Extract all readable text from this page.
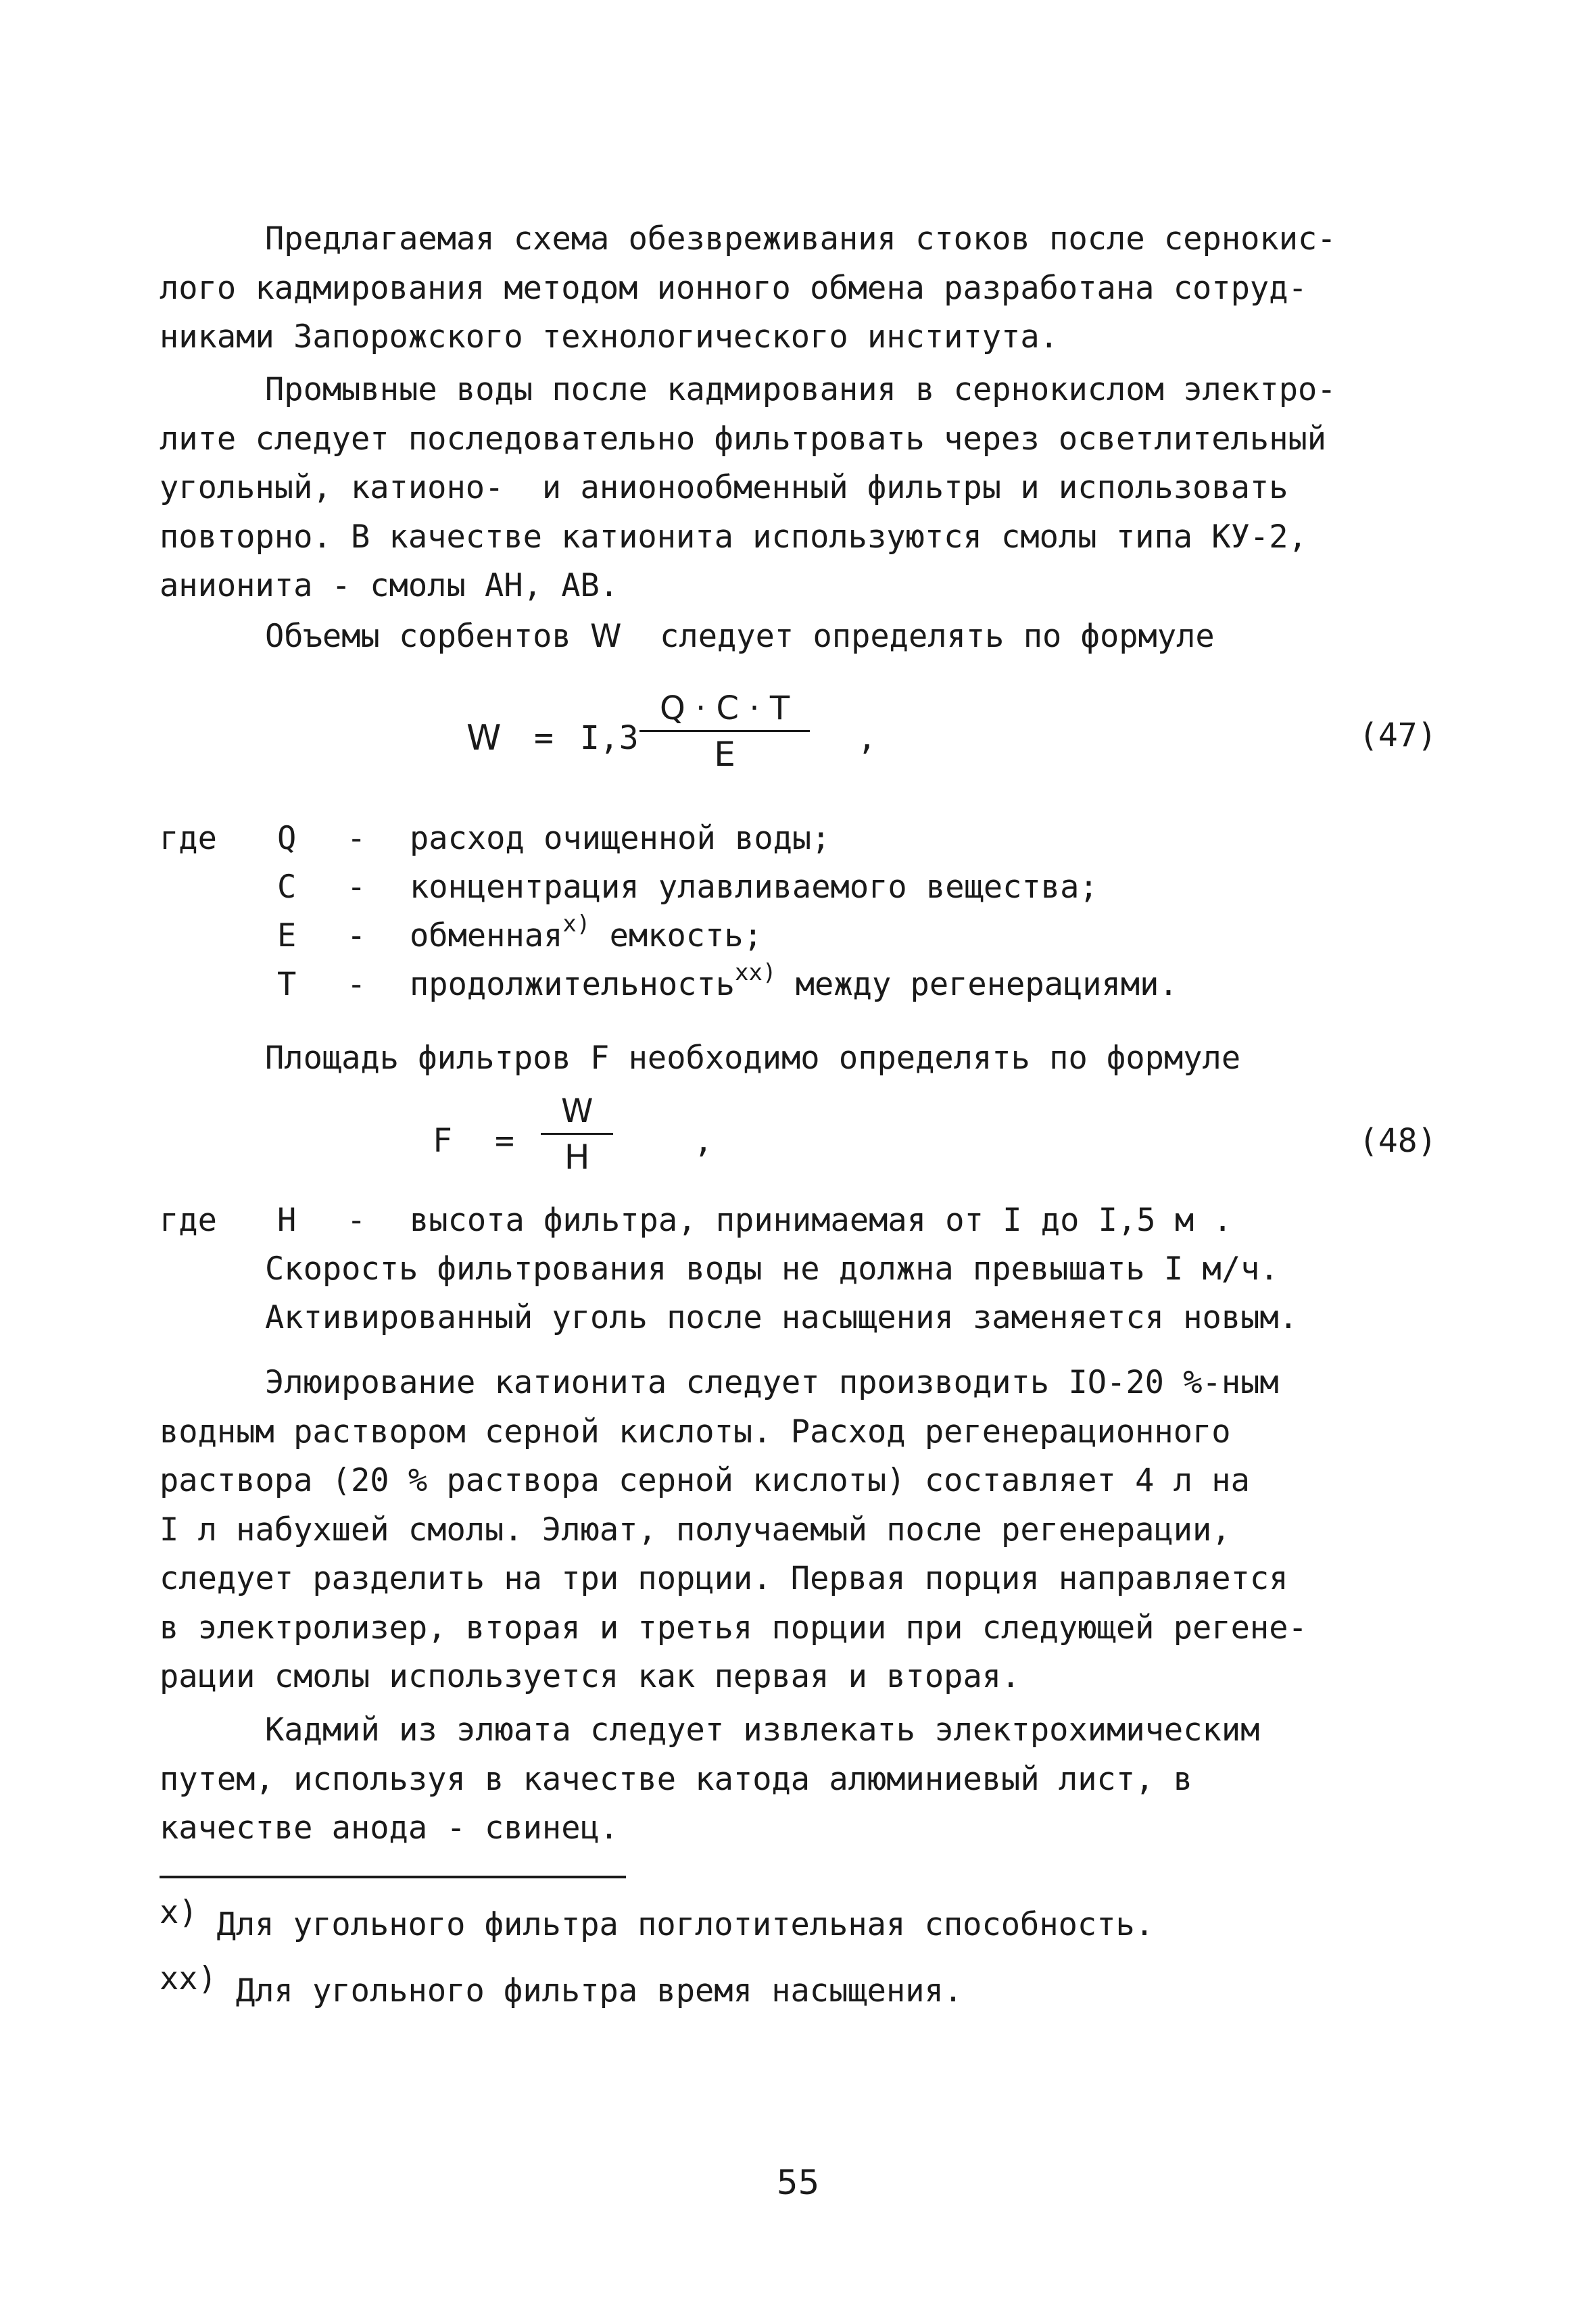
Предлагаемая схема обезвреживания стоков после сернокис-
лого кадмирования методом ионного обмена разработана сотруд-
никами Запорожского технологического института.
Промывные воды после кадмирования в сернокислом электро-
лите следует последовательно фильтровать через осветлительный
угольный, катионо-  и анионообменный фильтры и использовать
повторно. В качестве катионита используются смолы типа КУ-2,
анионита - смолы АН, АВ.
Объемы сорбентов W  следует определять по формуле
$W = I,3 \frac{Q \cdot C \cdot T}{E}$ ,	(47)
где Q - расход очищенной воды;
C - концентрация улавливаемого вещества;
E - обменная$^{x)}$ емкость;
T - продолжительность$^{xx)}$ между регенерациями.
Площадь фильтров F необходимо определять по формуле
$F = \frac{W}{H}$ ,	(48)
где H - высота фильтра, принимаемая от I до I,5 м .
Скорость фильтрования воды не должна превышать I м/ч.
Активированный уголь после насыщения заменяется новым.
Элюирование катионита следует производить IO-20 %-ным
водным раствором серной кислоты. Расход регенерационного
раствора (20 % раствора серной кислоты) составляет 4 л на
I л набухшей смолы. Элюат, получаемый после регенерации,
следует разделить на три порции. Первая порция направляется
в электролизер, вторая и третья порции при следующей регене-
рации смолы используется как первая и вторая.
Кадмий из элюата следует извлекать электрохимическим
путем, используя в качестве катода алюминиевый лист, в
качестве анода - свинец.
x) Для угольного фильтра поглотительная способность.
xx) Для угольного фильтра время насыщения.
55
